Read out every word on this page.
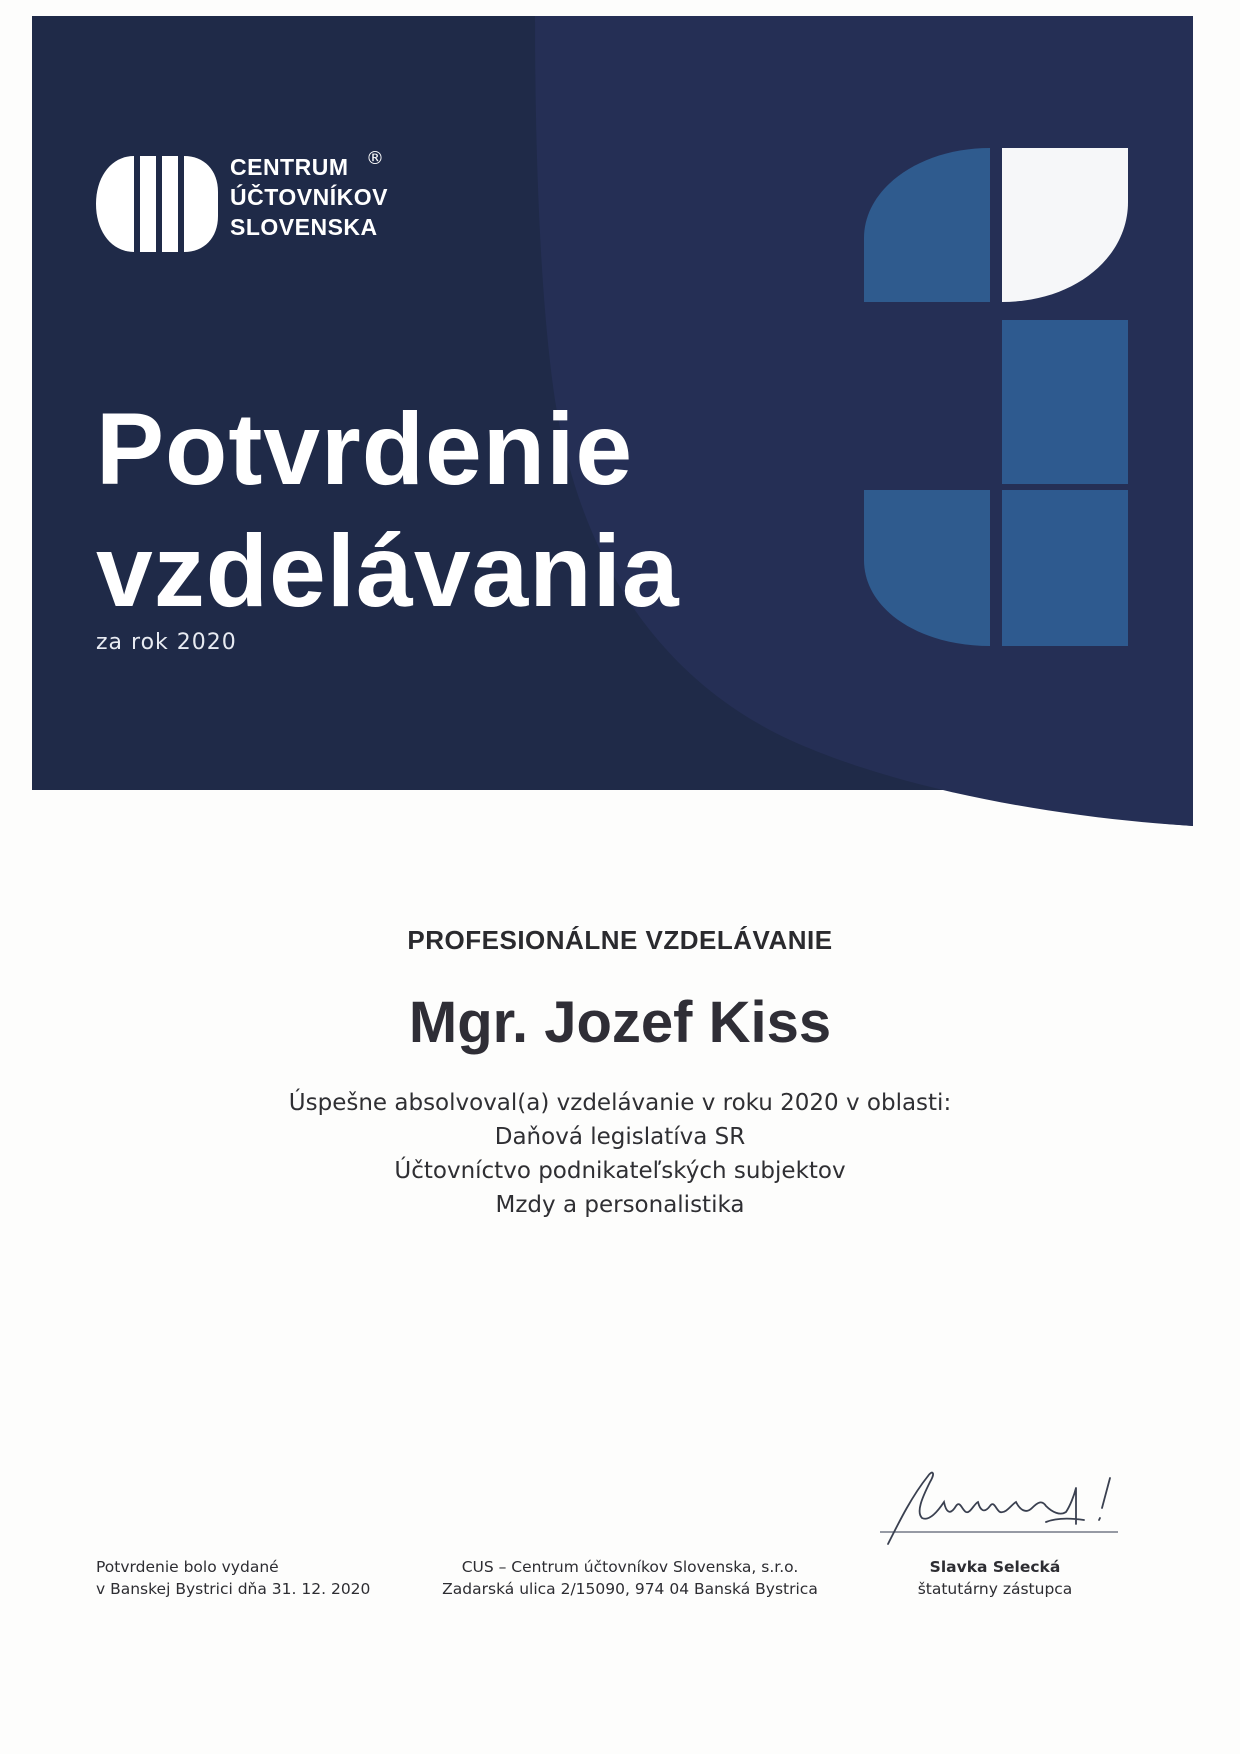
CENTRUM
ÚČTOVNÍKOV
SLOVENSKA
®
Potvrdenie
vzdelávania
za rok 2020
PROFESIONÁLNE VZDELÁVANIE
Mgr. Jozef Kiss
Úspešne absolvoval(a) vzdelávanie v roku 2020 v oblasti:
Daňová legislatíva SR
Účtovníctvo podnikateľských subjektov
Mzdy a personalistika
Potvrdenie bolo vydané
v Banskej Bystrici dňa 31. 12. 2020
CUS – Centrum účtovníkov Slovenska, s.r.o.
Zadarská ulica 2/15090, 974 04 Banská Bystrica
Slavka Selecká
štatutárny zástupca
